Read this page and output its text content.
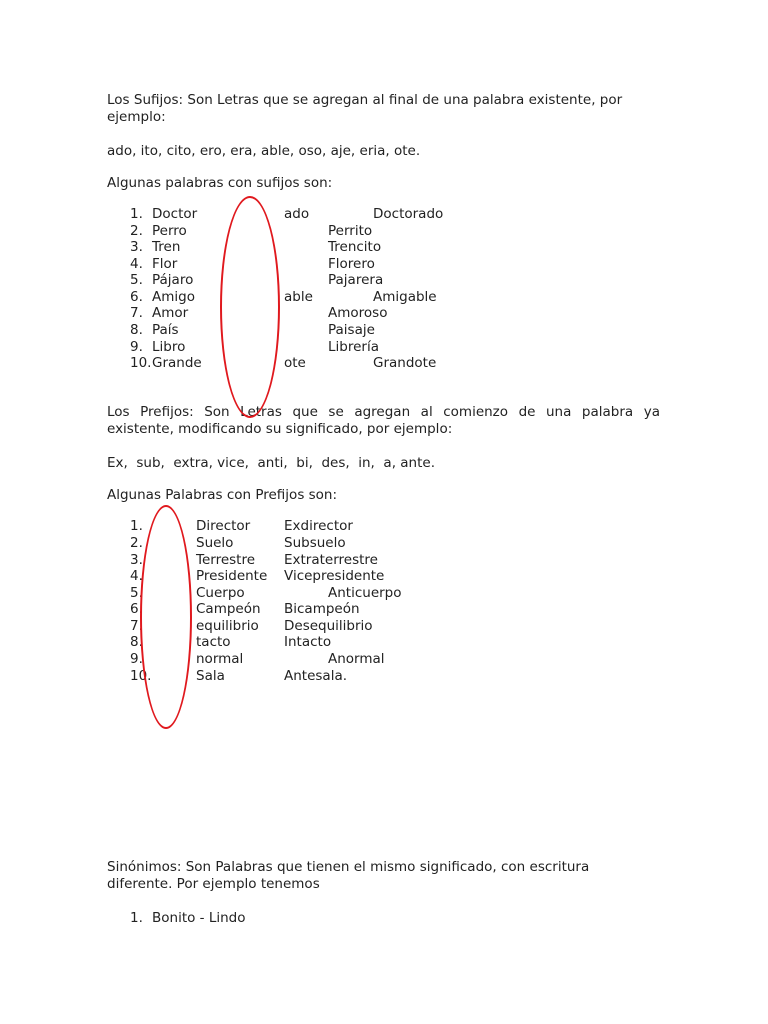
Los Sufijos: Son Letras que se agregan al final de una palabra existente, por
ejemplo:
ado, ito, cito, ero, era, able, oso, aje, eria, ote.
Algunas palabras con sufijos son:
1. Doctor	ado	Doctorado
2. Perro	Perrito
3. Tren	Trencito
4. Flor	Florero
5. Pájaro	Pajarera
6. Amigo	able	Amigable
7. Amor	Amoroso
8. País	Paisaje
9. Libro	Librería
10. Grande	ote	Grandote
Los Prefijos: Son Letras que se agregan al comienzo de una palabra ya
existente, modificando su significado, por ejemplo:
Ex,  sub,  extra, vice,  anti,  bi,  des,  in,  a, ante.
Algunas Palabras con Prefijos son:
1.	Director	Exdirector
2.	Suelo	Subsuelo
3.	Terrestre Extraterrestre
4.	Presidente Vicepresidente
5.	Cuerpo	Anticuerpo
6.	Campeón Bicampeón
7.	equilibrio Desequilibrio
8.	tacto	Intacto
9.	normal	Anormal
10.	Sala	Antesala.
Sinónimos: Son Palabras que tienen el mismo significado, con escritura
diferente. Por ejemplo tenemos
1. Bonito - Lindo
